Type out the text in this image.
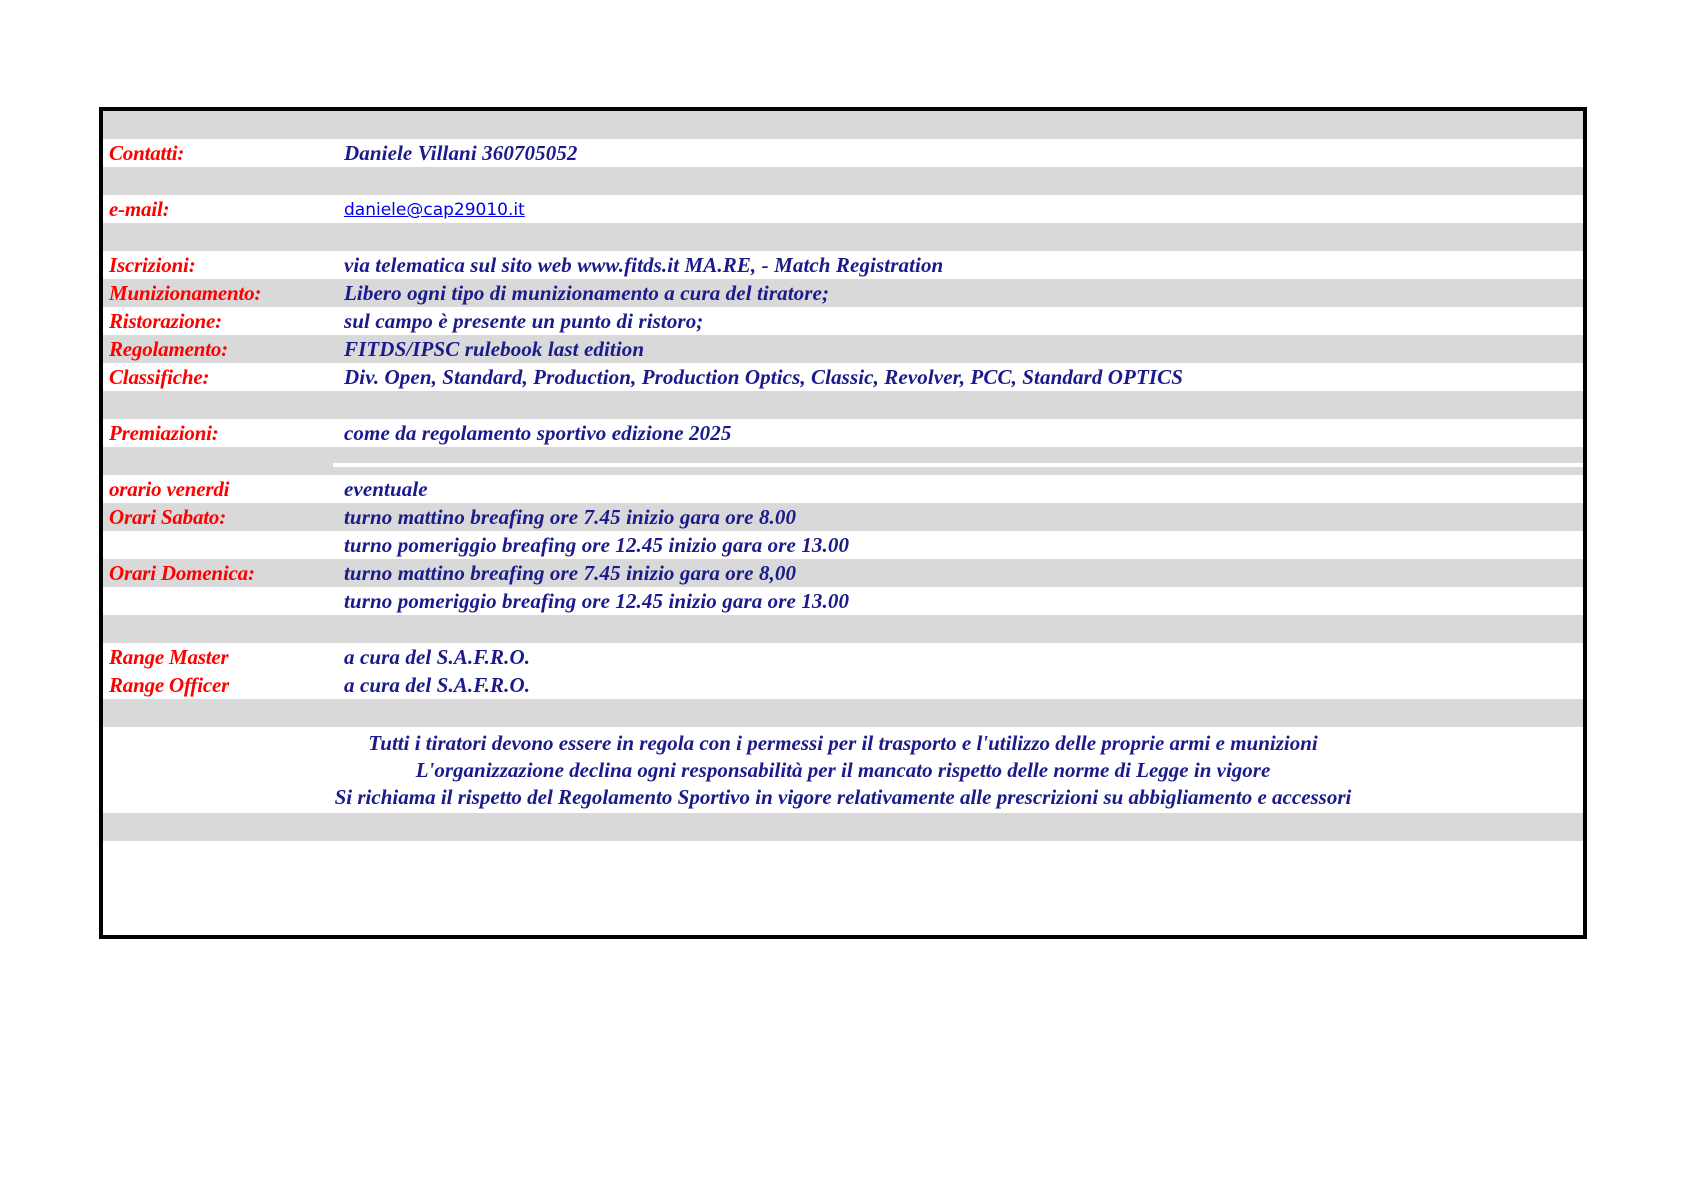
Contatti:	Daniele Villani 360705052
e-mail:	daniele@cap29010.it
Iscrizioni:	via telematica sul sito web www.fitds.it MA.RE, - Match Registration
Munizionamento:	Libero ogni tipo di munizionamento a cura del tiratore;
Ristorazione:	sul campo è presente un punto di ristoro;
Regolamento:	FITDS/IPSC rulebook last edition
Classifiche:	Div. Open, Standard, Production, Production Optics, Classic, Revolver, PCC, Standard OPTICS
Premiazioni:	come da regolamento sportivo edizione 2025
orario venerdi	eventuale
Orari Sabato:	turno mattino breafing ore 7.45 inizio gara ore 8.00
turno pomeriggio breafing ore 12.45 inizio gara ore 13.00
Orari Domenica:	turno mattino breafing ore 7.45 inizio gara ore 8,00
turno pomeriggio breafing ore 12.45 inizio gara ore 13.00
Range Master	a cura del S.A.F.R.O.
Range Officer	a cura del S.A.F.R.O.
Tutti i tiratori devono essere in regola con i permessi per il trasporto e l'utilizzo delle proprie armi e munizioni
L'organizzazione declina ogni responsabilità per il mancato rispetto delle norme di Legge in vigore
Si richiama il rispetto del Regolamento Sportivo in vigore relativamente alle prescrizioni su abbigliamento e accessori
